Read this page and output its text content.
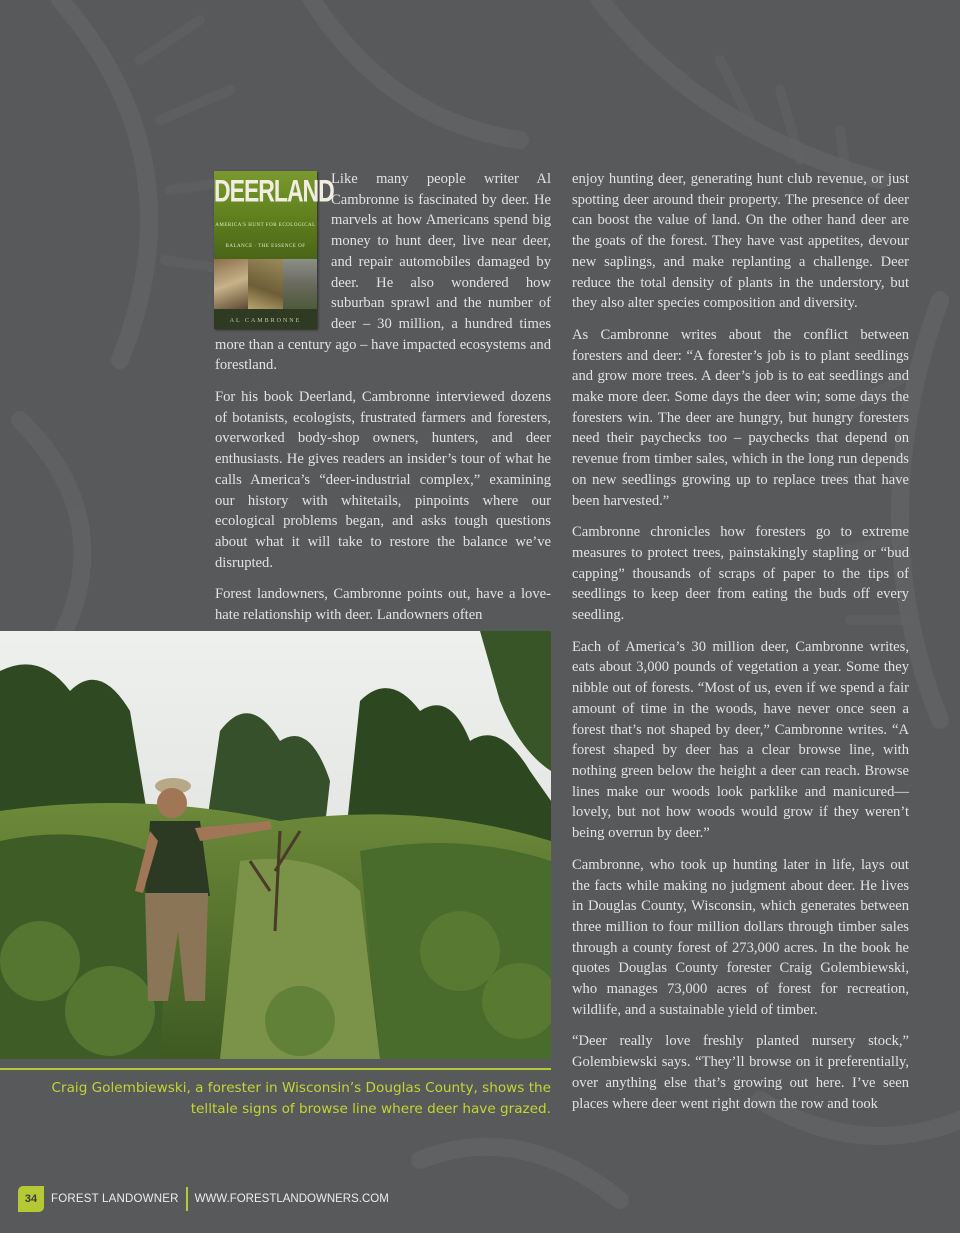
DEERLAND
AMERICA'S HUNT FOR ECOLOGICAL BALANCE · THE ESSENCE OF
AL CAMBRONNE

Like many people writer Al Cambronne is fascinated by deer. He marvels at how Americans spend big money to hunt deer, live near deer, and repair automobiles damaged by deer. He also wondered how suburban sprawl and the number of deer – 30 million, a hundred times more than a century ago – have impacted ecosystems and forestland.

For his book Deerland, Cambronne interviewed dozens of botanists, ecologists, frustrated farmers and foresters, overworked body-shop owners, hunters, and deer enthusiasts. He gives readers an insider’s tour of what he calls America’s “deer-industrial complex,” examining our history with whitetails, pinpoints where our ecological problems began, and asks tough questions about what it will take to restore the balance we’ve disrupted.

Forest landowners, Cambronne points out, have a love-hate relationship with deer. Landowners often

enjoy hunting deer, generating hunt club revenue, or just spotting deer around their property. The presence of deer can boost the value of land. On the other hand deer are the goats of the forest. They have vast appetites, devour new saplings, and make replanting a challenge. Deer reduce the total density of plants in the understory, but they also alter species composition and diversity.

As Cambronne writes about the conflict between foresters and deer: “A forester’s job is to plant seedlings and grow more trees. A deer’s job is to eat seedlings and make more deer. Some days the deer win; some days the foresters win. The deer are hungry, but hungry foresters need their paychecks too – paychecks that depend on revenue from timber sales, which in the long run depends on new seedlings growing up to replace trees that have been harvested.”

Cambronne chronicles how foresters go to extreme measures to protect trees, painstakingly stapling or “bud capping” thousands of scraps of paper to the tips of seedlings to keep deer from eating the buds off every seedling.

Each of America’s 30 million deer, Cambronne writes, eats about 3,000 pounds of vegetation a year. Some they nibble out of forests. “Most of us, even if we spend a fair amount of time in the woods, have never once seen a forest that’s not shaped by deer,” Cambronne writes. “A forest shaped by deer has a clear browse line, with nothing green below the height a deer can reach. Browse lines make our woods look parklike and manicured—lovely, but not how woods would grow if they weren’t being overrun by deer.”

Cambronne, who took up hunting later in life, lays out the facts while making no judgment about deer. He lives in Douglas County, Wisconsin, which generates between three million to four million dollars through timber sales through a county forest of 273,000 acres. In the book he quotes Douglas County forester Craig Golembiewski, who manages 73,000 acres of forest for recreation, wildlife, and a sustainable yield of timber.

“Deer really love freshly planted nursery stock,” Golembiewski says. “They’ll browse on it preferentially, over anything else that’s growing out here. I’ve seen places where deer went right down the row and took

Craig Golembiewski, a forester in Wisconsin’s Douglas County, shows the telltale signs of browse line where deer have grazed.
34	FOREST LANDOWNER WWW.FORESTLANDOWNERS.COM
